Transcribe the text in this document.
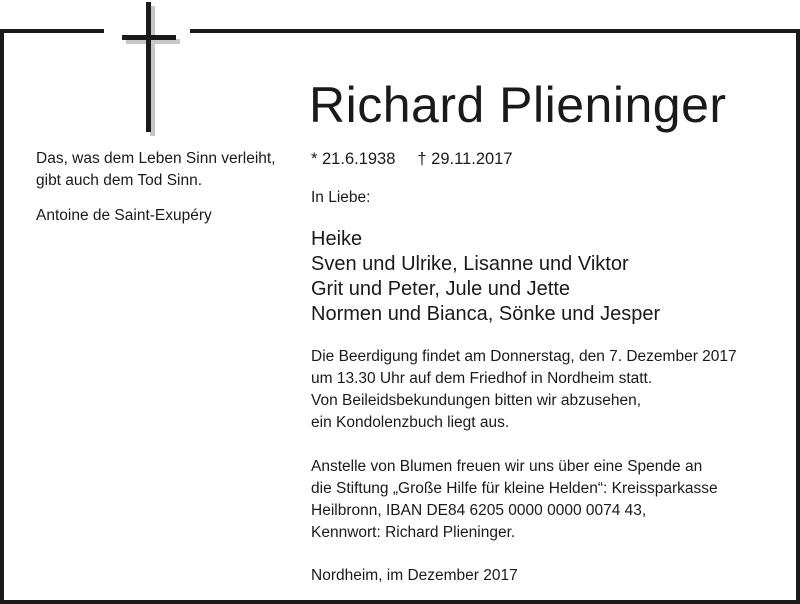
Richard Plieninger
Das, was dem Leben Sinn verleiht,
gibt auch dem Tod Sinn.
Antoine de Saint-Exupéry
* 21.6.1938 † 29.11.2017
In Liebe:
Heike
Sven und Ulrike, Lisanne und Viktor
Grit und Peter, Jule und Jette
Normen und Bianca, Sönke und Jesper
Die Beerdigung findet am Donnerstag, den 7. Dezember 2017
um 13.30 Uhr auf dem Friedhof in Nordheim statt.
Von Beileidsbekundungen bitten wir abzusehen,
ein Kondolenzbuch liegt aus.
Anstelle von Blumen freuen wir uns über eine Spende an
die Stiftung „Große Hilfe für kleine Helden“: Kreissparkasse
Heilbronn, IBAN DE84 6205 0000 0000 0074 43,
Kennwort: Richard Plieninger.
Nordheim, im Dezember 2017
